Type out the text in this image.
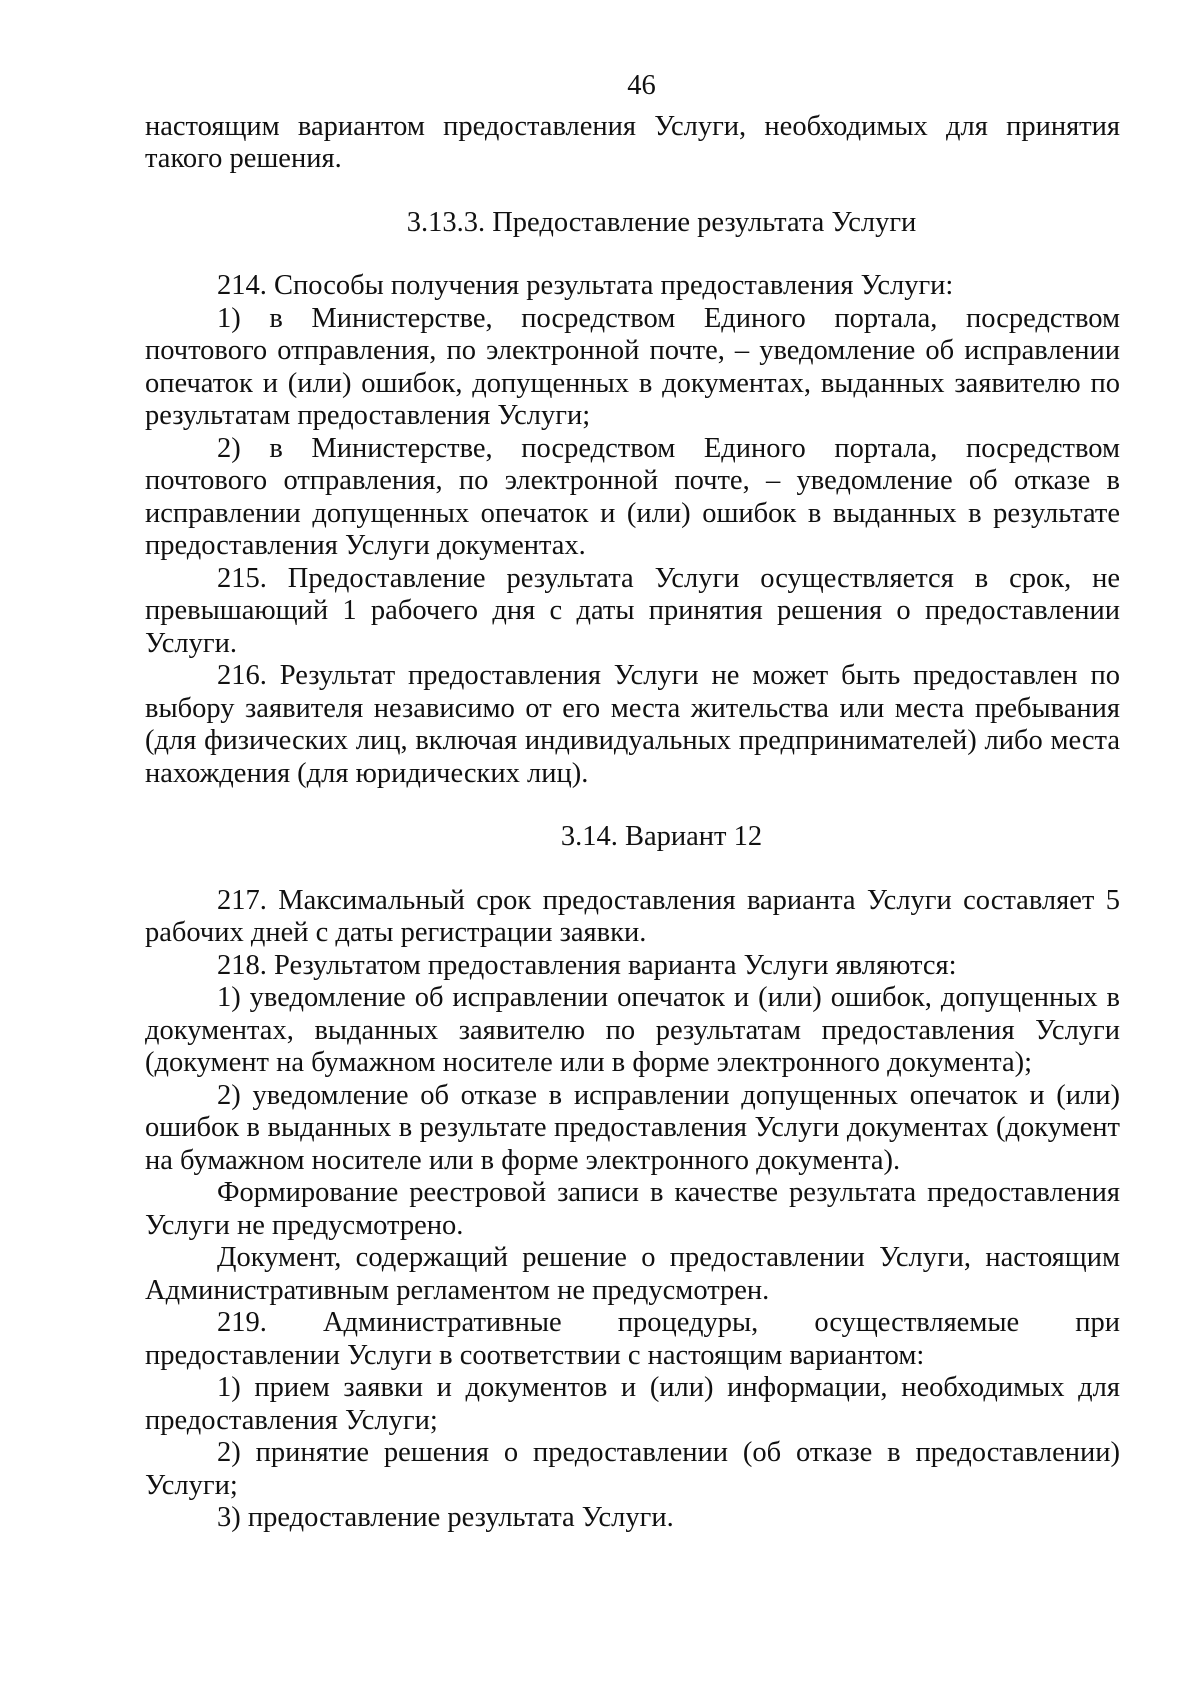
46

настоящим вариантом предоставления Услуги, необходимых для принятия такого решения.

3.13.3. Предоставление результата Услуги

214. Способы получения результата предоставления Услуги:

1) в Министерстве, посредством Единого портала, посредством почтового отправления, по электронной почте, – уведомление об исправлении опечаток и (или) ошибок, допущенных в документах, выданных заявителю по результатам предоставления Услуги;

2) в Министерстве, посредством Единого портала, посредством почтового отправления, по электронной почте, – уведомление об отказе в исправлении допущенных опечаток и (или) ошибок в выданных в результате предоставления Услуги документах.

215. Предоставление результата Услуги осуществляется в срок, не превышающий 1 рабочего дня с даты принятия решения о предоставлении Услуги.

216. Результат предоставления Услуги не может быть предоставлен по выбору заявителя независимо от его места жительства или места пребывания (для физических лиц, включая индивидуальных предпринимателей) либо места нахождения (для юридических лиц).

3.14. Вариант 12

217. Максимальный срок предоставления варианта Услуги составляет 5 рабочих дней с даты регистрации заявки.

218. Результатом предоставления варианта Услуги являются:

1) уведомление об исправлении опечаток и (или) ошибок, допущенных в документах, выданных заявителю по результатам предоставления Услуги (документ на бумажном носителе или в форме электронного документа);

2) уведомление об отказе в исправлении допущенных опечаток и (или) ошибок в выданных в результате предоставления Услуги документах (документ на бумажном носителе или в форме электронного документа).

Формирование реестровой записи в качестве результата предоставления Услуги не предусмотрено.

Документ, содержащий решение о предоставлении Услуги, настоящим Административным регламентом не предусмотрен.

219. Административные процедуры, осуществляемые при предоставлении Услуги в соответствии с настоящим вариантом:

1) прием заявки и документов и (или) информации, необходимых для предоставления Услуги;

2) принятие решения о предоставлении (об отказе в предоставлении) Услуги;

3) предоставление результата Услуги.
